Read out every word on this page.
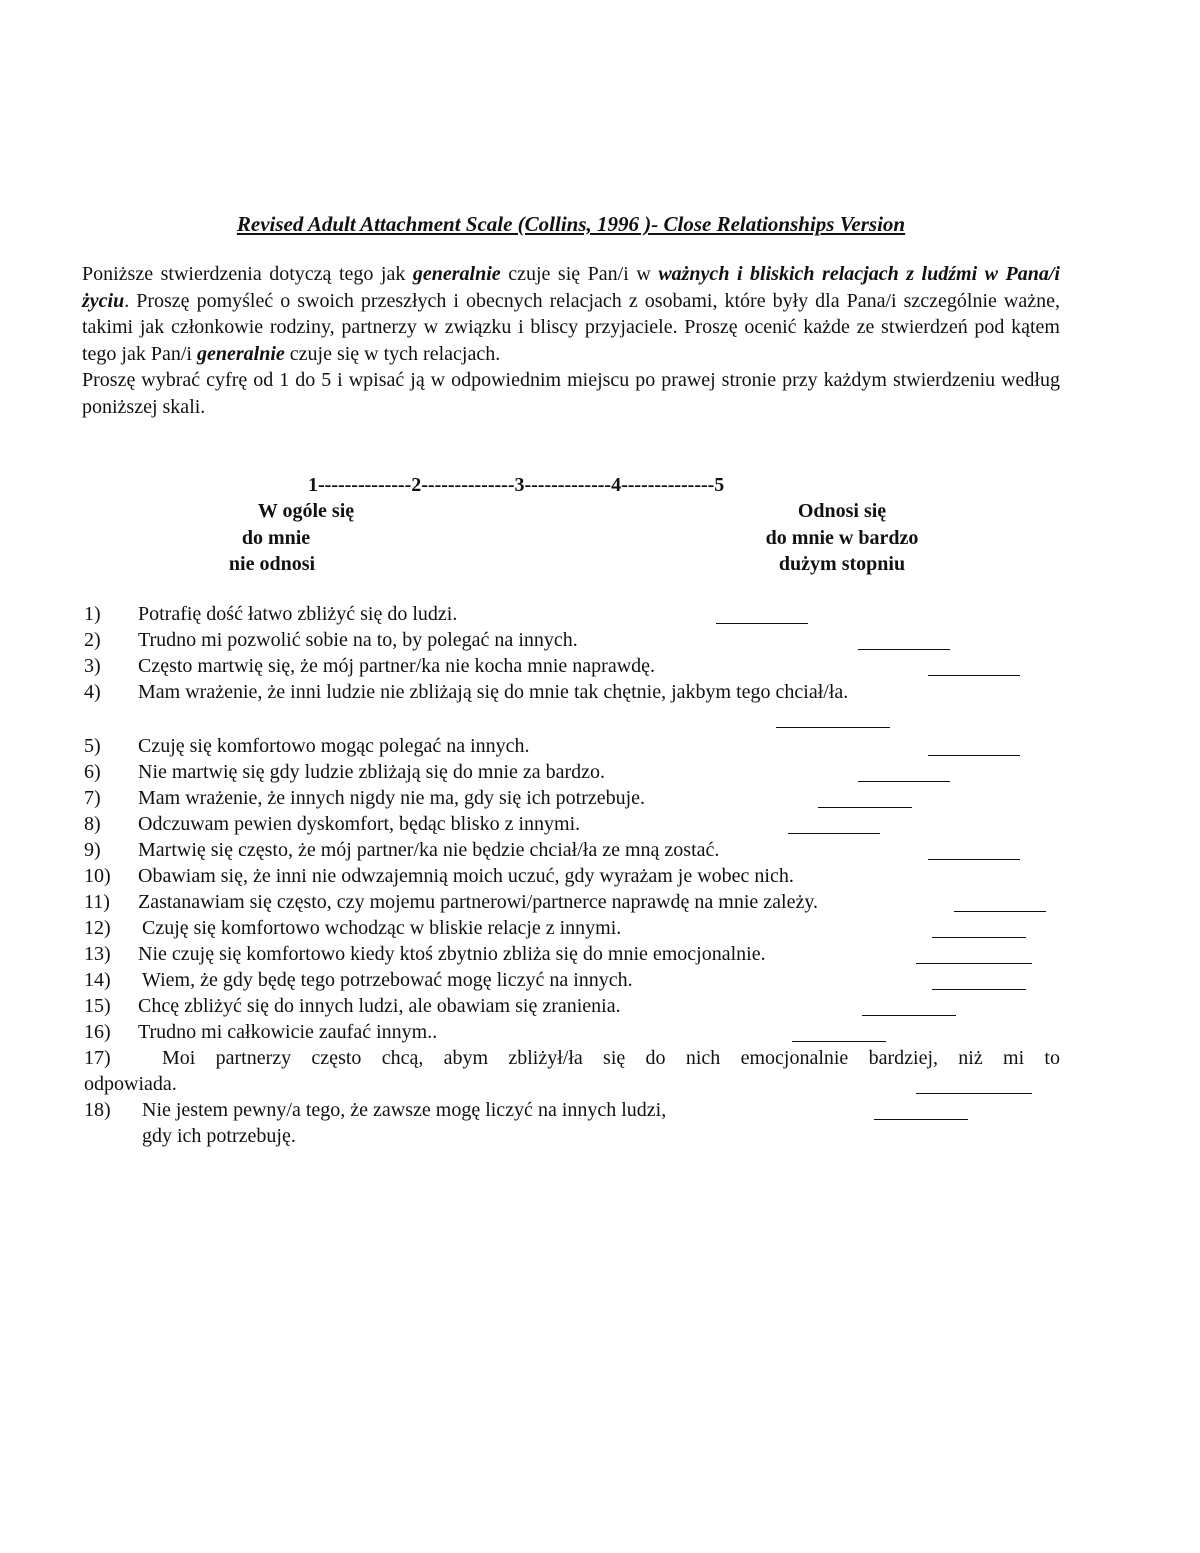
Revised Adult Attachment Scale (Collins, 1996 )- Close Relationships Version

Poniższe stwierdzenia dotyczą tego jak generalnie czuje się Pan/i w ważnych i bliskich relacjach z ludźmi w Pana/i życiu. Proszę pomyśleć o swoich przeszłych i obecnych relacjach z osobami, które były dla Pana/i szczególnie ważne, takimi jak członkowie rodziny, partnerzy w związku i bliscy przyjaciele. Proszę ocenić każde ze stwierdzeń pod kątem tego jak Pan/i generalnie czuje się w tych relacjach.

Proszę wybrać cyfrę od 1 do 5 i wpisać ją w odpowiednim miejscu po prawej stronie przy każdym stwierdzeniu według poniższej skali.

1--------------2--------------3-------------4--------------5
W ogóle się
do mnie
nie odnosi
Odnosi się
do mnie w bardzo
dużym stopniu
1) Potrafię dość łatwo zbliżyć się do ludzi.
2) Trudno mi pozwolić sobie na to, by polegać na innych.
3) Często martwię się, że mój partner/ka nie kocha mnie naprawdę.
4) Mam wrażenie, że inni ludzie nie zbliżają się do mnie tak chętnie, jakbym tego chciał/ła.
5) Czuję się komfortowo mogąc polegać na innych.
6) Nie martwię się gdy ludzie zbliżają się do mnie za bardzo.
7) Mam wrażenie, że innych nigdy nie ma, gdy się ich potrzebuje.
8) Odczuwam pewien dyskomfort, będąc blisko z innymi.
9) Martwię się często, że mój partner/ka nie będzie chciał/ła ze mną zostać.
10) Obawiam się, że inni nie odwzajemnią moich uczuć, gdy wyrażam je wobec nich.
11) Zastanawiam się często, czy mojemu partnerowi/partnerce naprawdę na mnie zależy.
12) Czuję się komfortowo wchodząc w bliskie relacje z innymi.
13) Nie czuję się komfortowo kiedy ktoś zbytnio zbliża się do mnie emocjonalnie.
14) Wiem, że gdy będę tego potrzebować mogę liczyć na innych.
15) Chcę zbliżyć się do innych ludzi, ale obawiam się zranienia.
16) Trudno mi całkowicie zaufać innym..
17)	Moi partnerzy często chcą, abym zbliżył/ła się do nich emocjonalnie bardziej, niż mi to
odpowiada.
18) Nie jestem pewny/a tego, że zawsze mogę liczyć na innych ludzi,
gdy ich potrzebuję.
